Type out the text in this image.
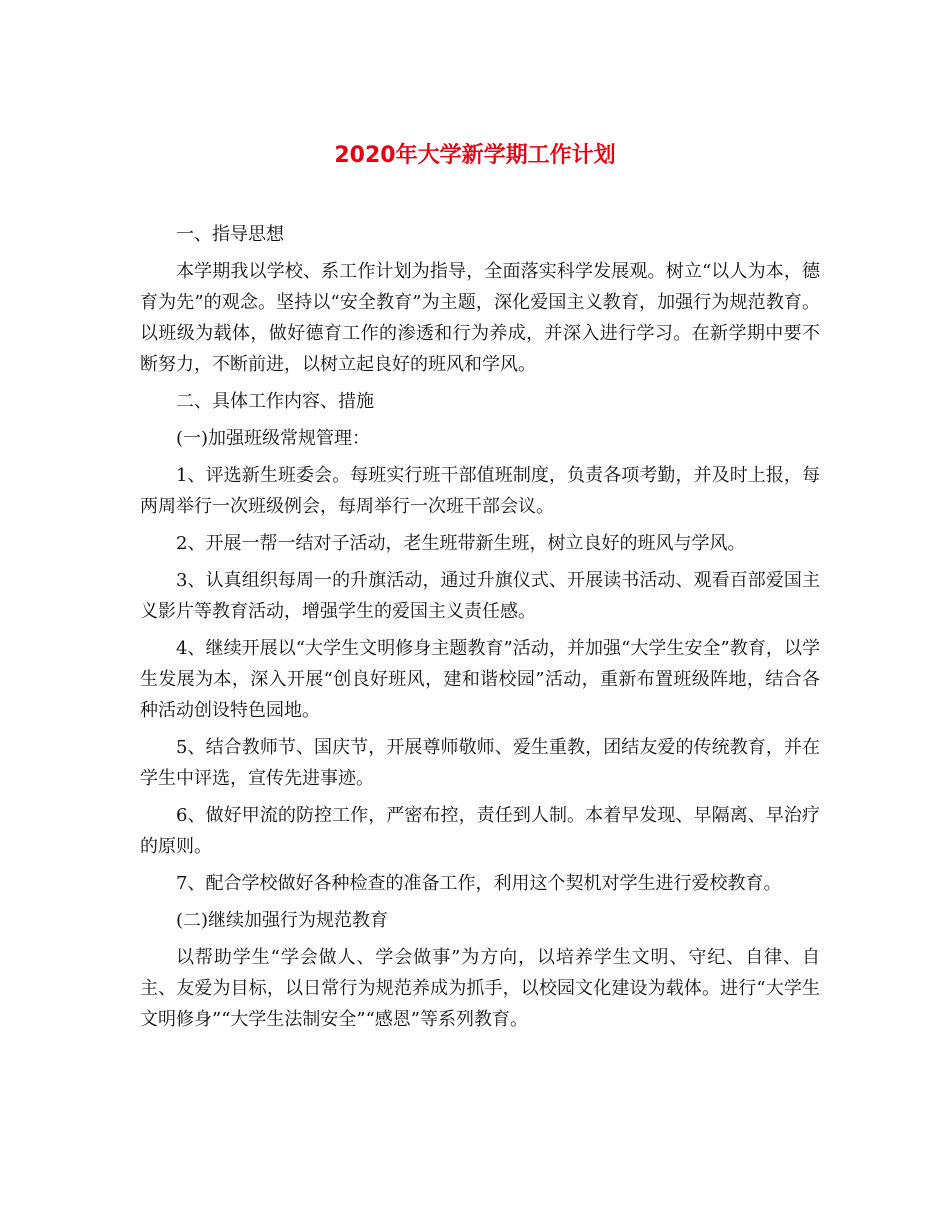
2020年大学新学期工作计划

一、指导思想

本学期我以学校、系工作计划为指导，全面落实科学发展观。树立“以人为本，德育为先”的观念。坚持以“安全教育”为主题，深化爱国主义教育，加强行为规范教育。以班级为载体，做好德育工作的渗透和行为养成，并深入进行学习。在新学期中要不断努力，不断前进，以树立起良好的班风和学风。

二、具体工作内容、措施

(一)加强班级常规管理：

1、评选新生班委会。每班实行班干部值班制度，负责各项考勤，并及时上报，每两周举行一次班级例会，每周举行一次班干部会议。

2、开展一帮一结对子活动，老生班带新生班，树立良好的班风与学风。

3、认真组织每周一的升旗活动，通过升旗仪式、开展读书活动、观看百部爱国主义影片等教育活动，增强学生的爱国主义责任感。

4、继续开展以“大学生文明修身主题教育”活动，并加强“大学生安全”教育，以学生发展为本，深入开展“创良好班风，建和谐校园”活动，重新布置班级阵地，结合各种活动创设特色园地。

5、结合教师节、国庆节，开展尊师敬师、爱生重教，团结友爱的传统教育，并在学生中评选，宣传先进事迹。

6、做好甲流的防控工作，严密布控，责任到人制。本着早发现、早隔离、早治疗的原则。

7、配合学校做好各种检查的准备工作，利用这个契机对学生进行爱校教育。

(二)继续加强行为规范教育

以帮助学生“学会做人、学会做事”为方向，以培养学生文明、守纪、自律、自主、友爱为目标，以日常行为规范养成为抓手，以校园文化建设为载体。进行“大学生文明修身”“大学生法制安全”“感恩”等系列教育。
